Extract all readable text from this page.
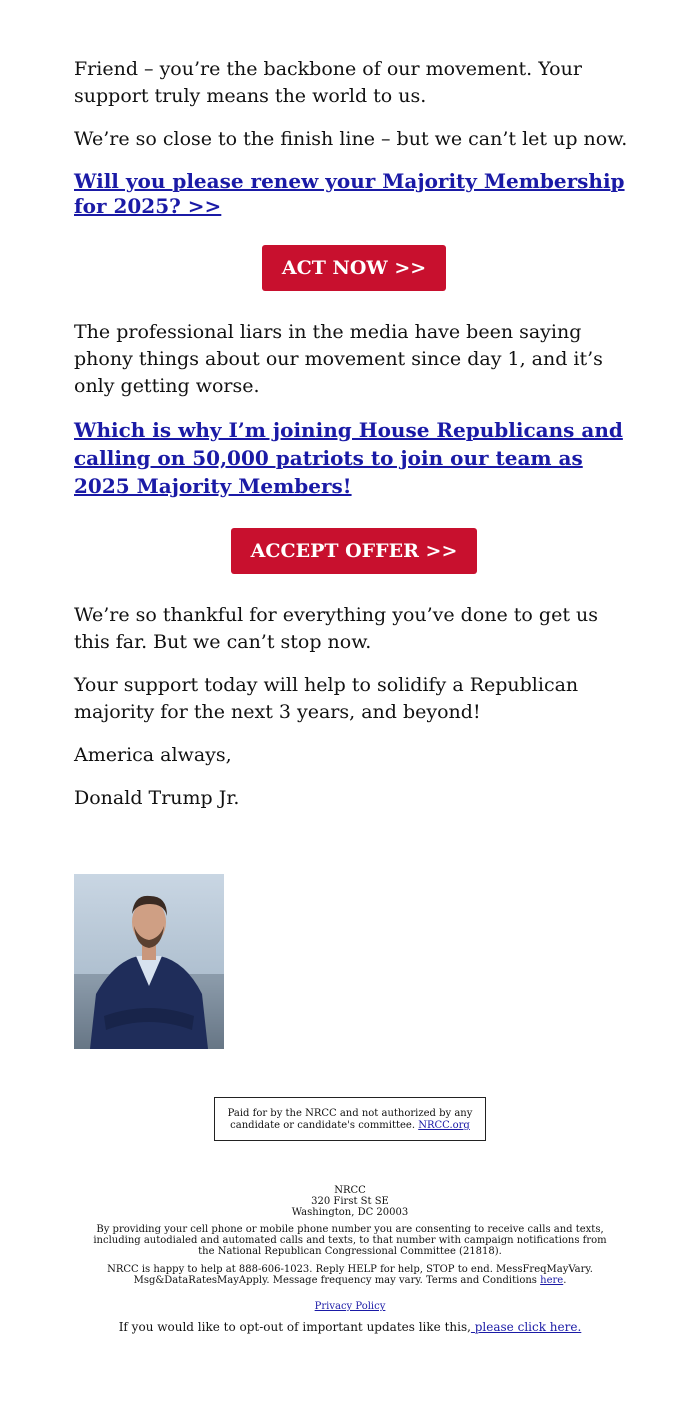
Friend – you’re the backbone of our movement. Your support truly means the world to us.

We’re so close to the finish line – but we can’t let up now.

Will you please renew your Majority Membership for 2025? >>
ACT NOW >>

The professional liars in the media have been saying phony things about our movement since day 1, and it’s only getting worse.

Which is why I’m joining House Republicans and calling on 50,000 patriots to join our team as 2025 Majority Members!
ACCEPT OFFER >>

We’re so thankful for everything you’ve done to get us this far. But we can’t stop now.

Your support today will help to solidify a Republican majority for the next 3 years, and beyond!

America always,

Donald Trump Jr.

Paid for by the NRCC and not authorized by any candidate or candidate's committee. NRCC.org
NRCC
320 First St SE
Washington, DC 20003
By providing your cell phone or mobile phone number you are consenting to receive calls and texts, including autodialed and automated calls and texts, to that number with campaign notifications from the National Republican Congressional Committee (21818).
NRCC is happy to help at 888-606-1023. Reply HELP for help, STOP to end. MessFreqMayVary. Msg&DataRatesMayApply. Message frequency may vary. Terms and Conditions here.
Privacy Policy
If you would like to opt-out of important updates like this, please click here.
